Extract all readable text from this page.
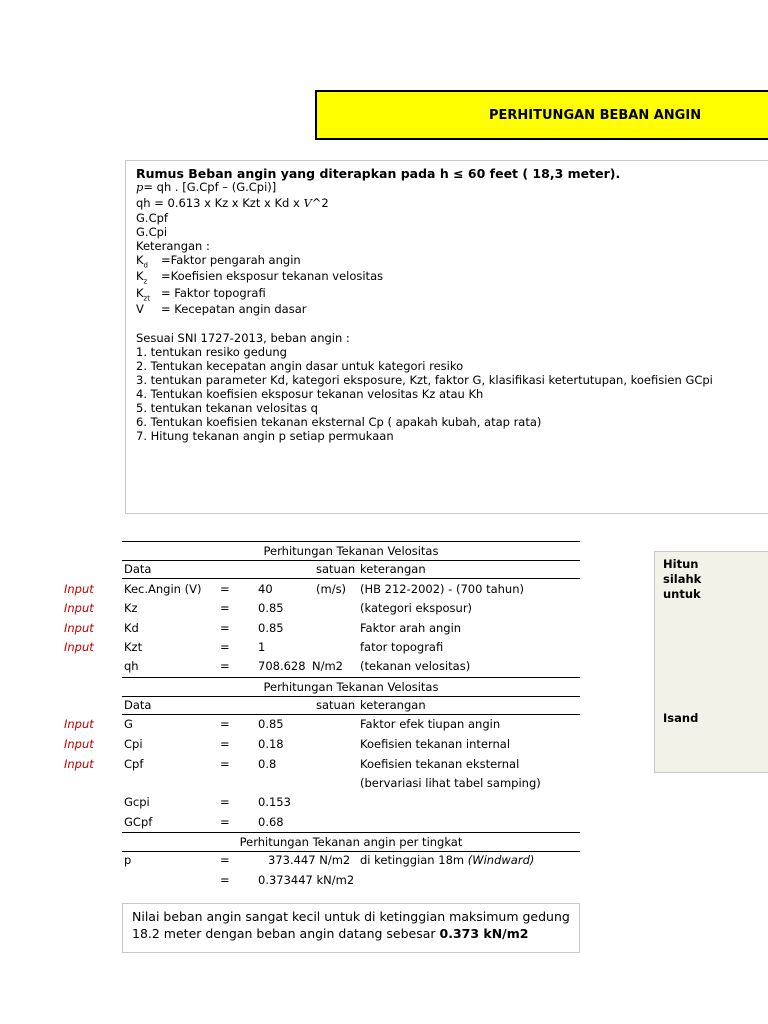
PERHITUNGAN BEBAN ANGIN
Rumus Beban angin yang diterapkan pada h ≤ 60 feet ( 18,3 meter).
p= qh . [G.Cpf – (G.Cpi)]
qh = 0.613 x Kz x Kzt x Kd x V^2
G.Cpf
G.Cpi
Keterangan :
$K_d$ =Faktor pengarah angin
$K_z$ =Koefisien eksposur tekanan velositas
$K_{zt}$ = Faktor topografi
V = Kecepatan angin dasar
Sesuai SNI 1727-2013, beban angin :
1. tentukan resiko gedung
2. Tentukan kecepatan angin dasar untuk kategori resiko
3. tentukan parameter Kd, kategori eksposure, Kzt, faktor G, klasifikasi ketertutupan, koefisien GCpi
4. Tentukan koefisien eksposur tekanan velositas Kz atau Kh
5. tentukan tekanan velositas q
6. Tentukan koefisien tekanan eksternal Cp ( apakah kubah, atap rata)
7. Hitung tekanan angin p setiap permukaan
Perhitungan Tekanan Velositas
Data	satuan keterangan
Input	Kec.Angin (V) = 40	(m/s) (HB 212-2002) - (700 tahun)
Input	Kz	= 0.85	(kategori eksposur)
Input	Kd	= 0.85	Faktor arah angin
Input	Kzt	= 1	fator topografi
qh	= 708.628 N/m2 (tekanan velositas)
Perhitungan Tekanan Velositas
Data	satuan keterangan
Input	G	= 0.85	Faktor efek tiupan angin
Input	Cpi	= 0.18	Koefisien tekanan internal
Input	Cpf	= 0.8	Koefisien tekanan eksternal
(bervariasi lihat tabel samping)
Gcpi	= 0.153
GCpf	= 0.68
Perhitungan Tekanan angin per tingkat
p	=	373.447 N/m2 di ketinggian 18m (Windward)
= 0.373447 kN/m2
Hitun
silahk
untuk
Isand
Nilai beban angin sangat kecil untuk di ketinggian maksimum gedung
18.2 meter dengan beban angin datang sebesar 0.373 kN/m2
